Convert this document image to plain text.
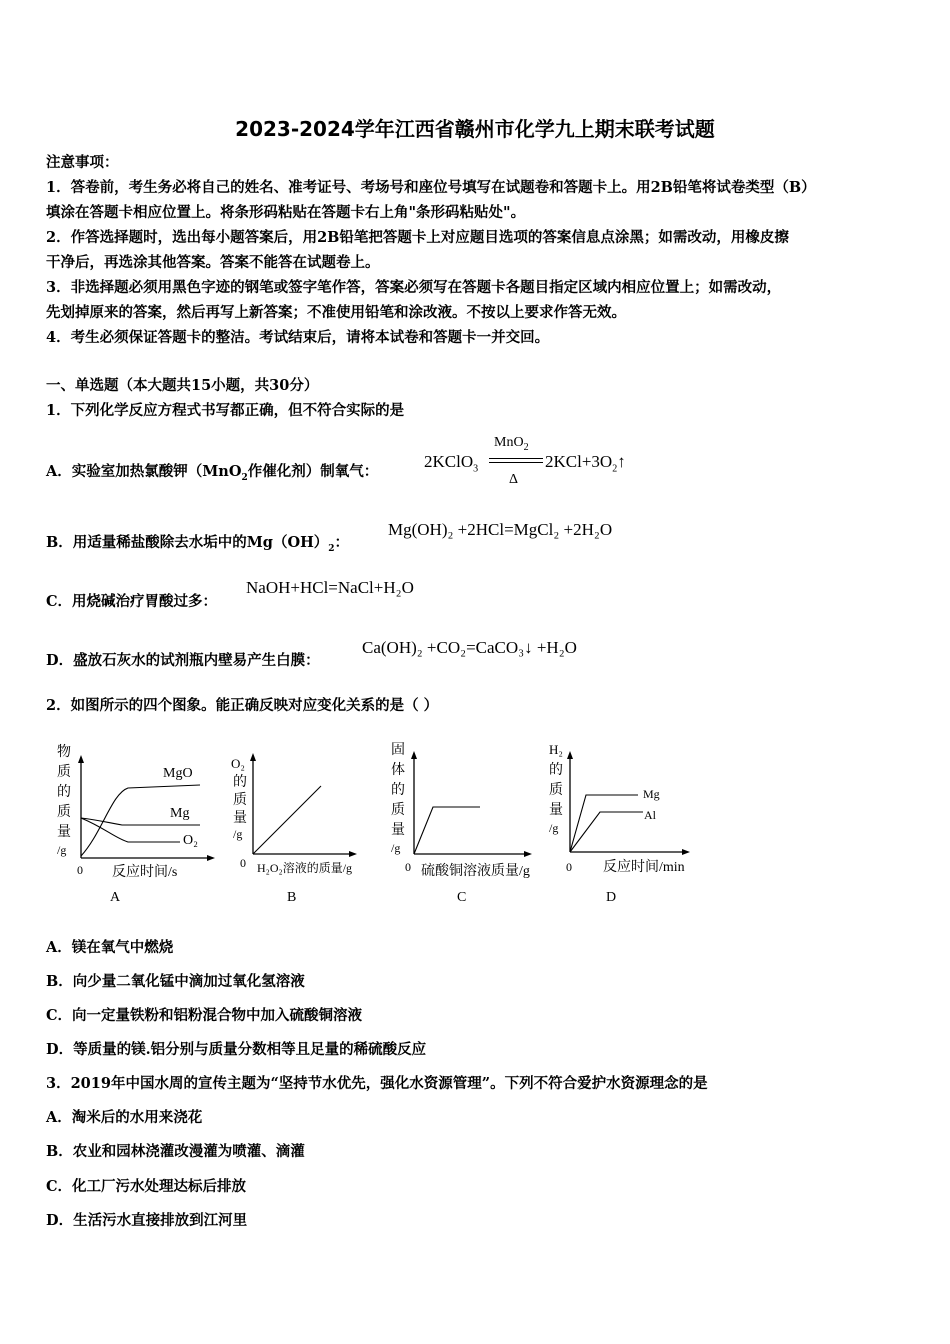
2023-2024学年江西省赣州市化学九上期末联考试题
注意事项：
1．答卷前，考生务必将自己的姓名、准考证号、考场号和座位号填写在试题卷和答题卡上。用2B铅笔将试卷类型（B）
填涂在答题卡相应位置上。将条形码粘贴在答题卡右上角"条形码粘贴处"。
2．作答选择题时，选出每小题答案后，用2B铅笔把答题卡上对应题目选项的答案信息点涂黑；如需改动，用橡皮擦
干净后，再选涂其他答案。答案不能答在试题卷上。
3．非选择题必须用黑色字迹的钢笔或签字笔作答，答案必须写在答题卡各题目指定区域内相应位置上；如需改动，
先划掉原来的答案，然后再写上新答案；不准使用铅笔和涂改液。不按以上要求作答无效。
4．考生必须保证答题卡的整洁。考试结束后，请将本试卷和答题卡一并交回。
一、单选题（本大题共15小题，共30分）
1．下列化学反应方程式书写都正确，但不符合实际的是
A．实验室加热氯酸钾（MnO$_2$作催化剂）制氧气：
2KClO$_3$
MnO$_2$
Δ
$2KCl+3O_2↑$
B．用适量稀盐酸除去水垢中的$Mg(OH)_2$：
Mg(OH)₂ +2HCl=MgCl₂ +2H₂O
C．用烧碱治疗胃酸过多：
NaOH+HCl=NaCl+H₂O
D．盛放石灰水的试剂瓶内壁易产生白膜：
Ca(OH)₂ +CO₂=CaCO₃↓ +H₂O
2．如图所示的四个图象。能正确反映对应变化关系的是（ ）
物
质
的
质
量
/g
0 反应时间/s
A
MgO
Mg
O₂
O₂
的
质
量
/g
0 H₂O₂溶液的质量/g
B
固
体
的
质
量
/g
0 硫酸铜溶液质量/g
C
H₂
的
质
量
/g
Mg
Al
0 反应时间/min
D
A．镁在氧气中燃烧
B．向少量二氧化锰中滴加过氧化氢溶液
C．向一定量铁粉和铝粉混合物中加入硫酸铜溶液
D．等质量的镁.铝分别与质量分数相等且足量的稀硫酸反应
3．2019年中国水周的宣传主题为“坚持节水优先，强化水资源管理”。下列不符合爱护水资源理念的是
A．淘米后的水用来浇花
B．农业和园林浇灌改漫灌为喷灌、滴灌
C．化工厂污水处理达标后排放
D．生活污水直接排放到江河里
